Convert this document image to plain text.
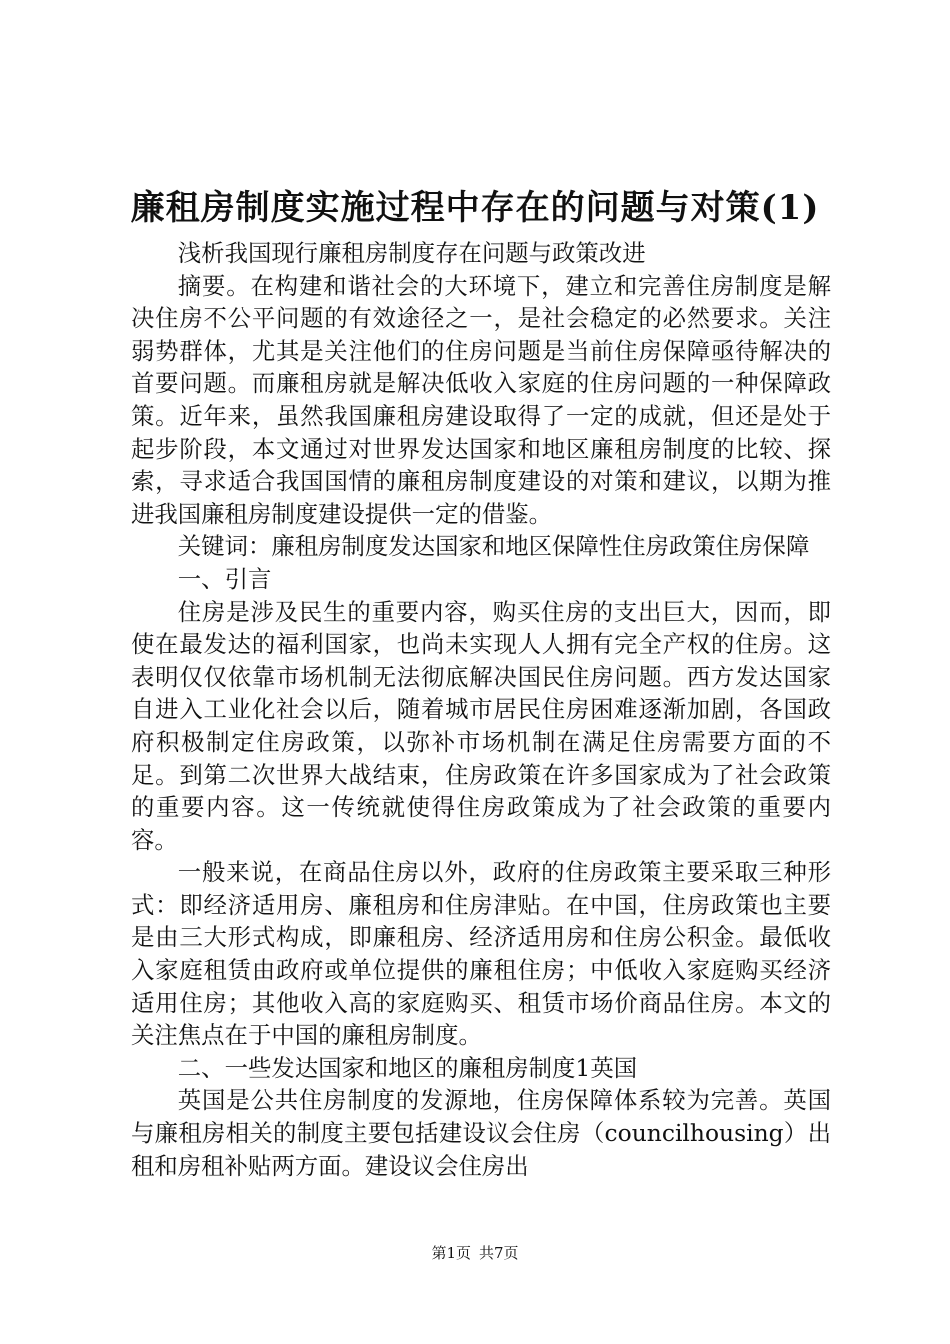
廉租房制度实施过程中存在的问题与对策(1)

浅析我国现行廉租房制度存在问题与政策改进

摘要。在构建和谐社会的大环境下，建立和完善住房制度是解决住房不公平问题的有效途径之一，是社会稳定的必然要求。关注弱势群体，尤其是关注他们的住房问题是当前住房保障亟待解决的首要问题。而廉租房就是解决低收入家庭的住房问题的一种保障政策。近年来，虽然我国廉租房建设取得了一定的成就，但还是处于起步阶段，本文通过对世界发达国家和地区廉租房制度的比较、探索，寻求适合我国国情的廉租房制度建设的对策和建议，以期为推进我国廉租房制度建设提供一定的借鉴。

关键词：廉租房制度发达国家和地区保障性住房政策住房保障

一、引言

住房是涉及民生的重要内容，购买住房的支出巨大，因而，即使在最发达的福利国家，也尚未实现人人拥有完全产权的住房。这表明仅仅依靠市场机制无法彻底解决国民住房问题。西方发达国家自进入工业化社会以后，随着城市居民住房困难逐渐加剧，各国政府积极制定住房政策，以弥补市场机制在满足住房需要方面的不足。到第二次世界大战结束，住房政策在许多国家成为了社会政策的重要内容。这一传统就使得住房政策成为了社会政策的重要内容。

一般来说，在商品住房以外，政府的住房政策主要采取三种形式：即经济适用房、廉租房和住房津贴。在中国，住房政策也主要是由三大形式构成，即廉租房、经济适用房和住房公积金。最低收入家庭租赁由政府或单位提供的廉租住房；中低收入家庭购买经济适用住房；其他收入高的家庭购买、租赁市场价商品住房。本文的关注焦点在于中国的廉租房制度。

二、一些发达国家和地区的廉租房制度1英国

英国是公共住房制度的发源地，住房保障体系较为完善。英国与廉租房相关的制度主要包括建设议会住房（councilhousing）出租和房租补贴两方面。建设议会住房出

第1页 共7页
